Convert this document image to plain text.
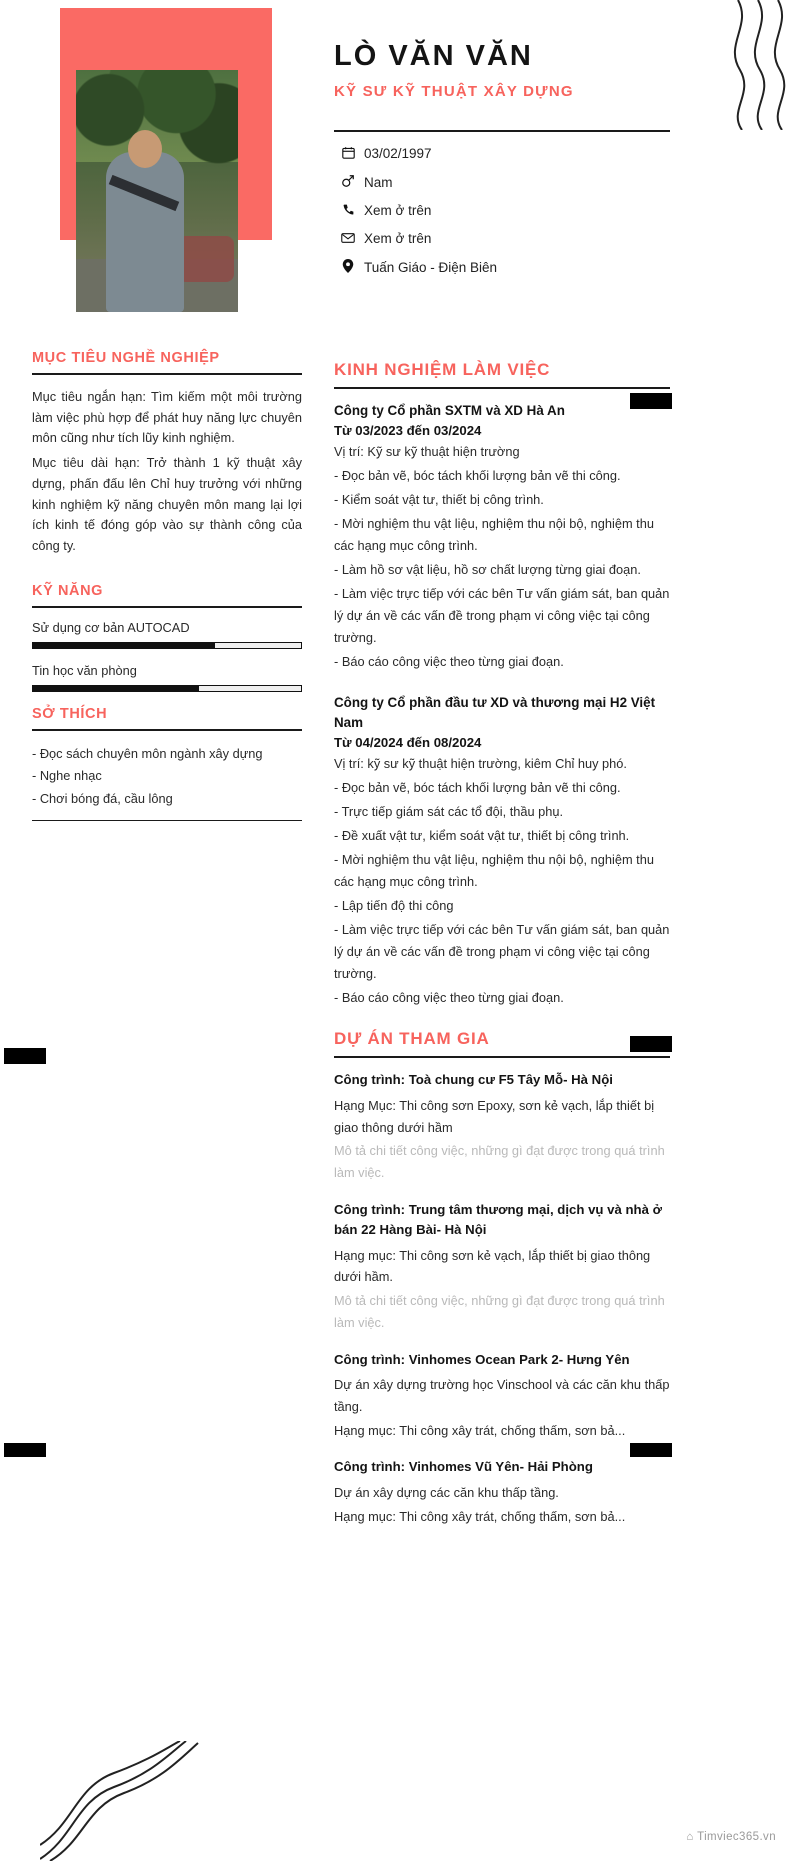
LÒ VĂN VĂN

KỸ SƯ KỸ THUẬT XÂY DỰNG

03/02/1997
Nam
Xem ở trên
Xem ở trên
Tuấn Giáo - Điện Biên
MỤC TIÊU NGHỀ NGHIỆP

Mục tiêu ngắn hạn: Tìm kiếm một môi trường làm việc phù hợp để phát huy năng lực chuyên môn cũng như tích lũy kinh nghiệm.

Mục tiêu dài hạn: Trở thành 1 kỹ thuật xây dựng, phấn đấu lên Chỉ huy trưởng với những kinh nghiệm kỹ năng chuyên môn mang lại lợi ích kinh tế đóng góp vào sự thành công của công ty.

KỸ NĂNG
Sử dụng cơ bản AUTOCAD
Tin học văn phòng
SỞ THÍCH
- Đọc sách chuyên môn ngành xây dựng
- Nghe nhạc
- Chơi bóng đá, cầu lông
KINH NGHIỆM LÀM VIỆC
Công ty Cổ phần SXTM và XD Hà An
Từ 03/2023 đến 03/2024
Vị trí: Kỹ sư kỹ thuật hiện trường
- Đọc bản vẽ, bóc tách khối lượng bản vẽ thi công.
- Kiểm soát vật tư, thiết bị công trình.
- Mời nghiệm thu vật liệu, nghiệm thu nội bộ, nghiệm thu các hạng mục công trình.
- Làm hồ sơ vật liệu, hồ sơ chất lượng từng giai đoạn.
- Làm việc trực tiếp với các bên Tư vấn giám sát, ban quản lý dự án về các vấn đề trong phạm vi công việc tại công trường.
- Báo cáo công việc theo từng giai đoạn.
Công ty Cổ phần đầu tư XD và thương mại H2 Việt Nam
Từ 04/2024 đến 08/2024
Vị trí: kỹ sư kỹ thuật hiện trường, kiêm Chỉ huy phó.
- Đọc bản vẽ, bóc tách khối lượng bản vẽ thi công.
- Trực tiếp giám sát các tổ đội, thầu phụ.
- Đề xuất vật tư, kiểm soát vật tư, thiết bị công trình.
- Mời nghiệm thu vật liệu, nghiệm thu nội bộ, nghiệm thu các hạng mục công trình.
- Lập tiến độ thi công
- Làm việc trực tiếp với các bên Tư vấn giám sát, ban quản lý dự án về các vấn đề trong phạm vi công việc tại công trường.
- Báo cáo công việc theo từng giai đoạn.
DỰ ÁN THAM GIA
Công trình: Toà chung cư F5 Tây Mỗ- Hà Nội
Hạng Mục: Thi công sơn Epoxy, sơn kẻ vạch, lắp thiết bị giao thông dưới hầm
Mô tả chi tiết công việc, những gì đạt được trong quá trình làm việc.
Công trình: Trung tâm thương mại, dịch vụ và nhà ở bán 22 Hàng Bài- Hà Nội
Hạng mục: Thi công sơn kẻ vạch, lắp thiết bị giao thông dưới hầm.
Mô tả chi tiết công việc, những gì đạt được trong quá trình làm việc.
Công trình: Vinhomes Ocean Park 2- Hưng Yên
Dự án xây dựng trường học Vinschool và các căn khu thấp tầng.
Hạng mục: Thi công xây trát, chống thấm, sơn bả...
Công trình: Vinhomes Vũ Yên- Hải Phòng
Dự án xây dựng các căn khu thấp tầng.
Hạng mục: Thi công xây trát, chống thấm, sơn bả...
⌂ Timviec365.vn
